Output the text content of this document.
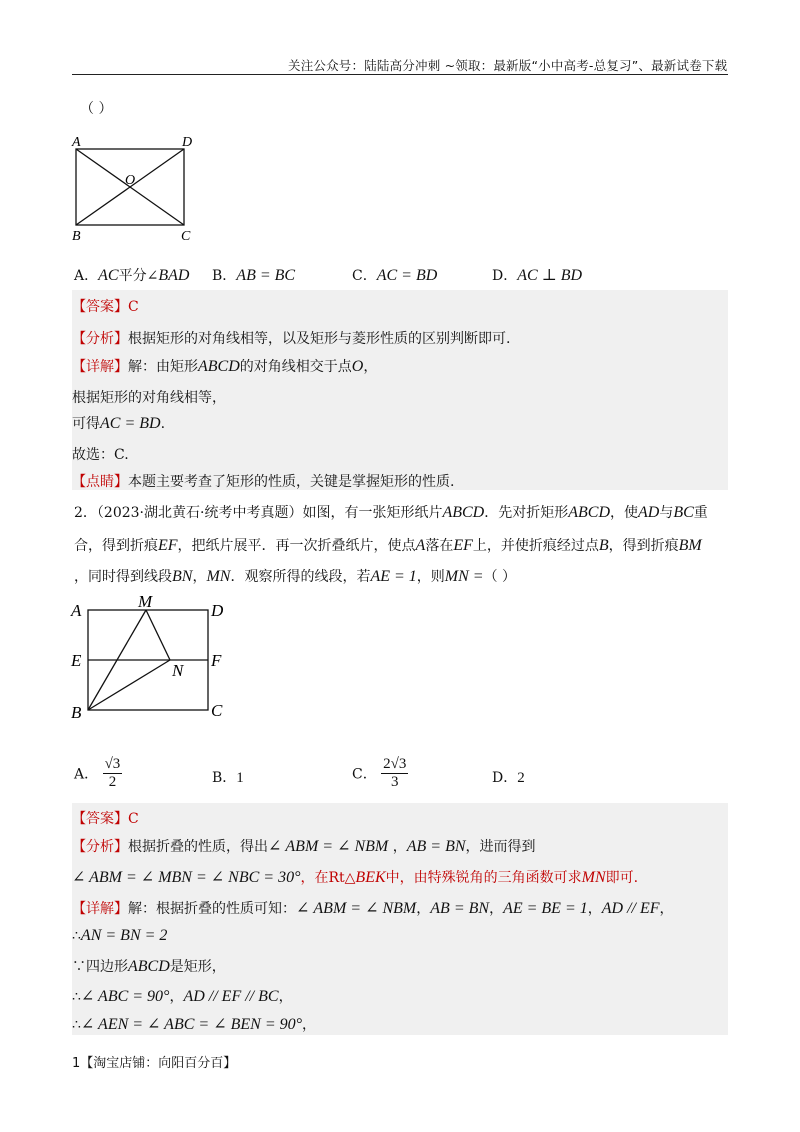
关注公众号：陆陆高分冲刺 ~领取：最新版“小中高考-总复习”、最新试卷下载
（ ）
A	D
O
B	C
A．AC平分∠BAD B．AB = BC	C．AC = BD	D．AC ⊥ BD
【答案】C
【分析】根据矩形的对角线相等，以及矩形与菱形性质的区别判断即可.
【详解】解：由矩形ABCD的对角线相交于点O，
根据矩形的对角线相等，
可得AC = BD.
故选：C.
【点睛】本题主要考查了矩形的性质，关键是掌握矩形的性质.
2．（2023·湖北黄石·统考中考真题）如图，有一张矩形纸片ABCD．先对折矩形ABCD，使AD与BC重
合，得到折痕EF，把纸片展平．再一次折叠纸片，使点A落在EF上，并使折痕经过点B，得到折痕BM
，同时得到线段BN，MN．观察所得的线段，若AE = 1，则MN =（ ）
A	M	D
E
N
F
B	C
A． $\frac{√3}{2}$	B．1	C． $\frac{2√3}{3}$	D．2
【答案】C
【分析】根据折叠的性质，得出∠ ABM = ∠ NBM ，AB = BN，进而得到
∠ ABM = ∠ MBN = ∠ NBC = 30°，在Rt△BEK中，由特殊锐角的三角函数可求MN即可.
【详解】解：根据折叠的性质可知：∠ ABM = ∠ NBM，AB = BN，AE = BE = 1，AD // EF，
∴AN = BN = 2
∵四边形ABCD是矩形，
∴∠ ABC = 90°，AD // EF // BC，
∴∠ AEN = ∠ ABC = ∠ BEN = 90°，
1【淘宝店铺：向阳百分百】
